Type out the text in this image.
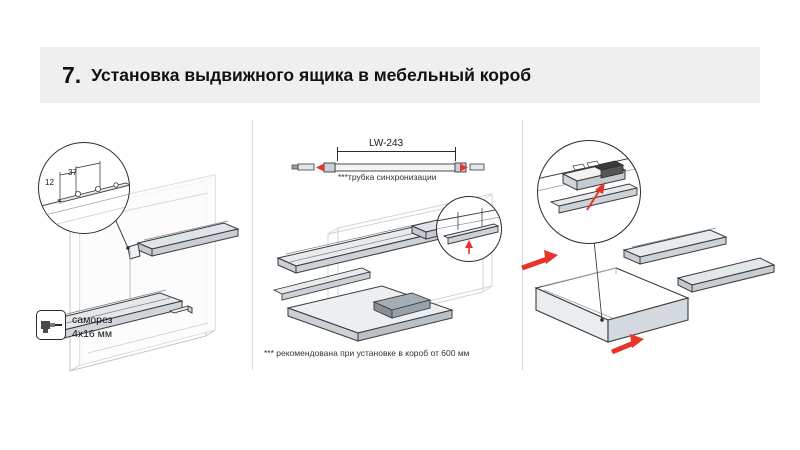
7. Установка выдвижного ящика в мебельный короб
12
37
саморез
4х16 мм
LW-243
***трубка синхронизации
*** рекомендована при установке в короб от 600 мм
